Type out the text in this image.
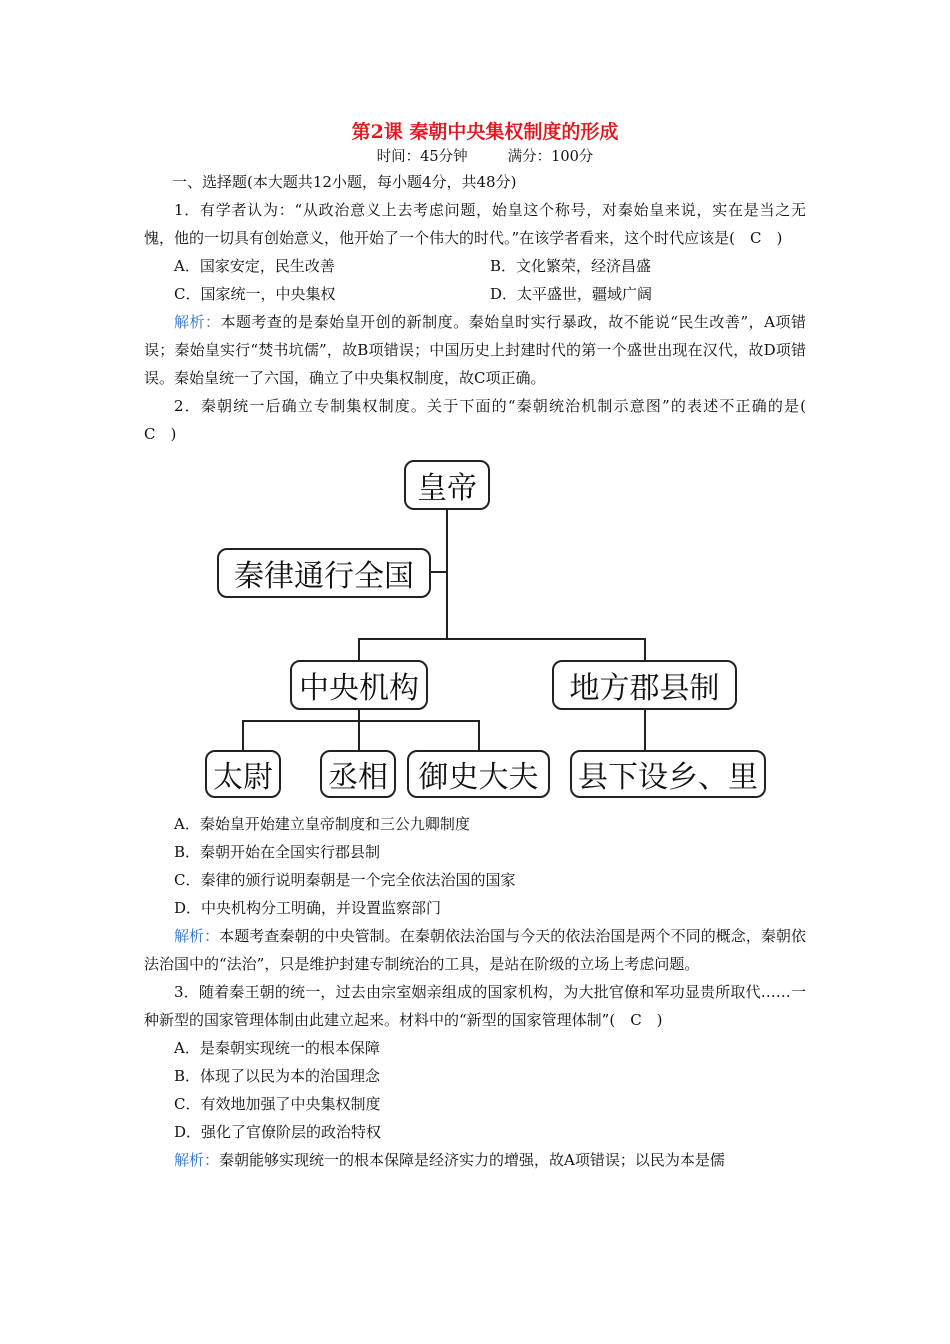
第2课 秦朝中央集权制度的形成
时间：45分钟	满分：100分
一、选择题(本大题共12小题，每小题4分，共48分)
1．有学者认为：“从政治意义上去考虑问题，始皇这个称号，对秦始皇来说，实在是当之无愧，他的一切具有创始意义，他开始了一个伟大的时代。”在该学者看来，这个时代应该是(　C　)
A．国家安定，民生改善	B．文化繁荣，经济昌盛
C．国家统一，中央集权	D．太平盛世，疆域广阔
解析：本题考查的是秦始皇开创的新制度。秦始皇时实行暴政，故不能说“民生改善”，A项错误；秦始皇实行“焚书坑儒”，故B项错误；中国历史上封建时代的第一个盛世出现在汉代，故D项错误。秦始皇统一了六国，确立了中央集权制度，故C项正确。
2．秦朝统一后确立专制集权制度。关于下面的“秦朝统治机制示意图”的表述不正确的是(　C　)
皇帝
秦律通行全国
中央机构	地方郡县制
太尉 丞相	御史大夫	县下设乡、里
A．秦始皇开始建立皇帝制度和三公九卿制度
B．秦朝开始在全国实行郡县制
C．秦律的颁行说明秦朝是一个完全依法治国的国家
D．中央机构分工明确，并设置监察部门
解析：本题考查秦朝的中央管制。在秦朝依法治国与今天的依法治国是两个不同的概念，秦朝依法治国中的“法治”，只是维护封建专制统治的工具，是站在阶级的立场上考虑问题。
3．随着秦王朝的统一，过去由宗室姻亲组成的国家机构，为大批官僚和军功显贵所取代……一种新型的国家管理体制由此建立起来。材料中的“新型的国家管理体制”(　C　)
A．是秦朝实现统一的根本保障
B．体现了以民为本的治国理念
C．有效地加强了中央集权制度
D．强化了官僚阶层的政治特权
解析：秦朝能够实现统一的根本保障是经济实力的增强，故A项错误；以民为本是儒
